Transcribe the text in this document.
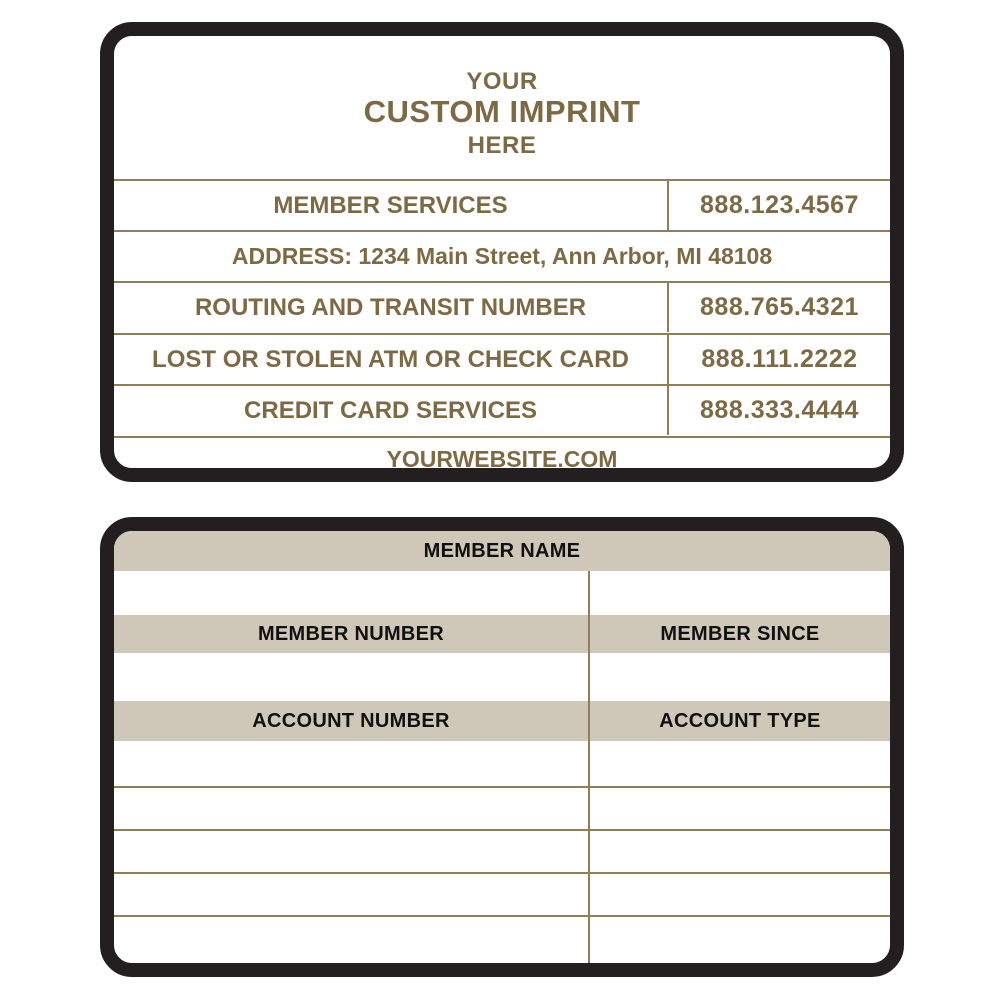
YOUR
CUSTOM IMPRINT
HERE
MEMBER SERVICES	888.123.4567
ADDRESS: 1234 Main Street, Ann Arbor, MI 48108
ROUTING AND TRANSIT NUMBER	888.765.4321
LOST OR STOLEN ATM OR CHECK CARD	888.111.2222
CREDIT CARD SERVICES	888.333.4444
YOURWEBSITE.COM
MEMBER NAME
MEMBER NUMBER	MEMBER SINCE
ACCOUNT NUMBER	ACCOUNT TYPE
